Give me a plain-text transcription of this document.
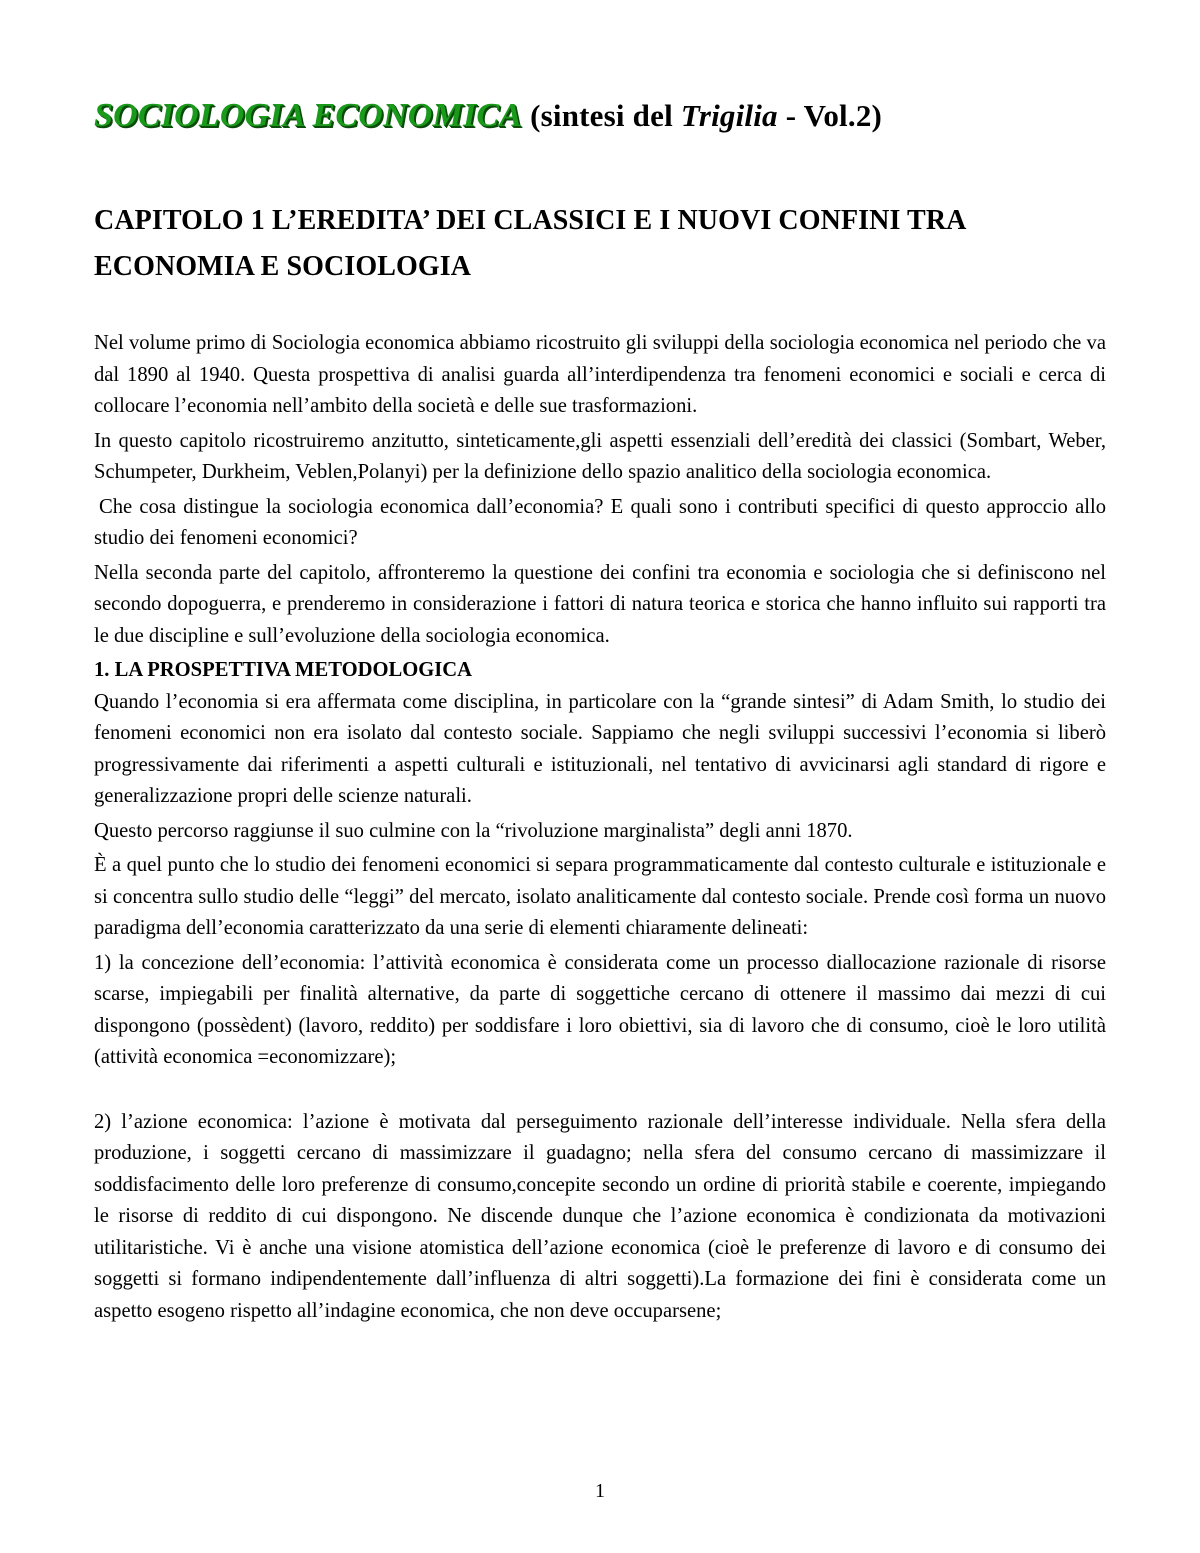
SOCIOLOGIA ECONOMICA (sintesi del Trigilia - Vol.2)
CAPITOLO 1 L’EREDITA’ DEI CLASSICI E I NUOVI CONFINI TRA ECONOMIA E SOCIOLOGIA

Nel volume primo di Sociologia economica abbiamo ricostruito gli sviluppi della sociologia economica nel periodo che va dal 1890 al 1940. Questa prospettiva di analisi guarda all’interdipendenza tra fenomeni economici e sociali e cerca di collocare l’economia nell’ambito della società e delle sue trasformazioni.

In questo capitolo ricostruiremo anzitutto, sinteticamente,gli aspetti essenziali dell’eredità dei classici (Sombart, Weber, Schumpeter, Durkheim, Veblen,Polanyi) per la definizione dello spazio analitico della sociologia economica.

Che cosa distingue la sociologia economica dall’economia? E quali sono i contributi specifici di questo approccio allo studio dei fenomeni economici?

Nella seconda parte del capitolo, affronteremo la questione dei confini tra economia e sociologia che si definiscono nel secondo dopoguerra, e prenderemo in considerazione i fattori di natura teorica e storica che hanno influito sui rapporti tra le due discipline e sull’evoluzione della sociologia economica.

1. LA PROSPETTIVA METODOLOGICA

Quando l’economia si era affermata come disciplina, in particolare con la “grande sintesi” di Adam Smith, lo studio dei fenomeni economici non era isolato dal contesto sociale. Sappiamo che negli sviluppi successivi l’economia si liberò progressivamente dai riferimenti a aspetti culturali e istituzionali, nel tentativo di avvicinarsi agli standard di rigore e generalizzazione propri delle scienze naturali.

Questo percorso raggiunse il suo culmine con la “rivoluzione marginalista” degli anni 1870.

È a quel punto che lo studio dei fenomeni economici si separa programmaticamente dal contesto culturale e istituzionale e si concentra sullo studio delle “leggi” del mercato, isolato analiticamente dal contesto sociale. Prende così forma un nuovo paradigma dell’economia caratterizzato da una serie di elementi chiaramente delineati:

1) la concezione dell’economia: l’attività economica è considerata come un processo diallocazione razionale di risorse scarse, impiegabili per finalità alternative, da parte di soggettiche cercano di ottenere il massimo dai mezzi di cui dispongono (possèdent) (lavoro, reddito) per soddisfare i loro obiettivi, sia di lavoro che di consumo, cioè le loro utilità (attività economica =economizzare);

2) l’azione economica: l’azione è motivata dal perseguimento razionale dell’interesse individuale. Nella sfera della produzione, i soggetti cercano di massimizzare il guadagno; nella sfera del consumo cercano di massimizzare il soddisfacimento delle loro preferenze di consumo,concepite secondo un ordine di priorità stabile e coerente, impiegando le risorse di reddito di cui dispongono. Ne discende dunque che l’azione economica è condizionata da motivazioni utilitaristiche. Vi è anche una visione atomistica dell’azione economica (cioè le preferenze di lavoro e di consumo dei soggetti si formano indipendentemente dall’influenza di altri soggetti).La formazione dei fini è considerata come un aspetto esogeno rispetto all’indagine economica, che non deve occuparsene;

1
